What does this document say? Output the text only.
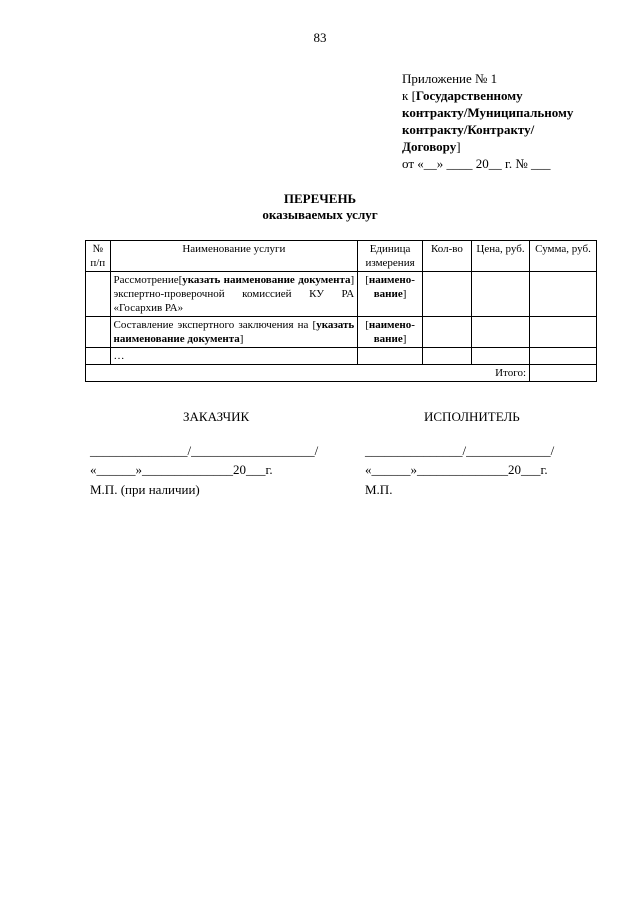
83
Приложение № 1
к [Государственному
контракту/Муниципальному
контракту/Контракту/
Договору]
от «__» ____ 20__ г. № ___
ПЕРЕЧЕНЬ
оказываемых услуг
№ п/п	Наименование услуги	Единица измерения	Кол-во	Цена, руб.	Сумма, руб.
	Рассмотрение[указать наименование документа] экспертно-проверочной комиссией КУ РА «Госархив РА»	[наимено-вание]			
	Составление экспертного заключения на [указать наименование документа]	[наимено-вание]			
	…				
Итого:					
ЗАКАЗЧИК	ИСПОЛНИТЕЛЬ
_______________/___________________/	_______________/_____________/
«______»______________20___г.	«______»______________20___г.
М.П. (при наличии)	М.П.
